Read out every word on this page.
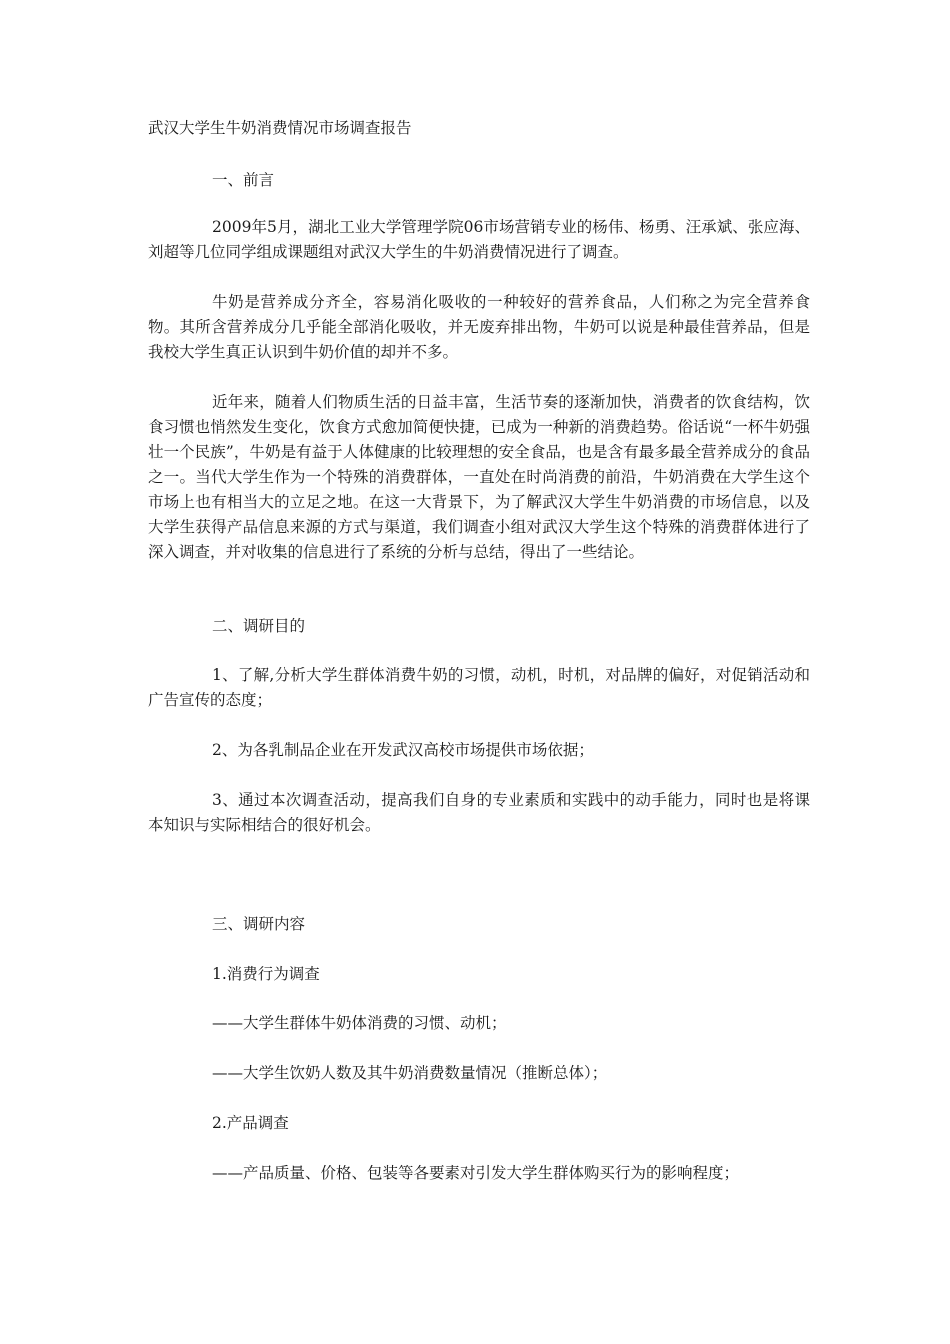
武汉大学生牛奶消费情况市场调查报告
一、前言
2009年5月，湖北工业大学管理学院06市场营销专业的杨伟、杨勇、汪承斌、张应海、刘超等几位同学组成课题组对武汉大学生的牛奶消费情况进行了调查。
牛奶是营养成分齐全，容易消化吸收的一种较好的营养食品，人们称之为完全营养食物。其所含营养成分几乎能全部消化吸收，并无废弃排出物，牛奶可以说是种最佳营养品，但是我校大学生真正认识到牛奶价值的却并不多。
近年来，随着人们物质生活的日益丰富，生活节奏的逐渐加快，消费者的饮食结构，饮食习惯也悄然发生变化，饮食方式愈加简便快捷，已成为一种新的消费趋势。俗话说“一杯牛奶强壮一个民族”，牛奶是有益于人体健康的比较理想的安全食品，也是含有最多最全营养成分的食品之一。当代大学生作为一个特殊的消费群体，一直处在时尚消费的前沿，牛奶消费在大学生这个市场上也有相当大的立足之地。在这一大背景下，为了解武汉大学生牛奶消费的市场信息，以及大学生获得产品信息来源的方式与渠道，我们调查小组对武汉大学生这个特殊的消费群体进行了深入调查，并对收集的信息进行了系统的分析与总结，得出了一些结论。
二、调研目的
1、了解,分析大学生群体消费牛奶的习惯，动机，时机，对品牌的偏好，对促销活动和广告宣传的态度；
2、为各乳制品企业在开发武汉高校市场提供市场依据；
3、通过本次调查活动，提高我们自身的专业素质和实践中的动手能力，同时也是将课本知识与实际相结合的很好机会。
三、调研内容
1.消费行为调查
——大学生群体牛奶体消费的习惯、动机；
——大学生饮奶人数及其牛奶消费数量情况（推断总体）；
2.产品调查
——产品质量、价格、包装等各要素对引发大学生群体购买行为的影响程度；
